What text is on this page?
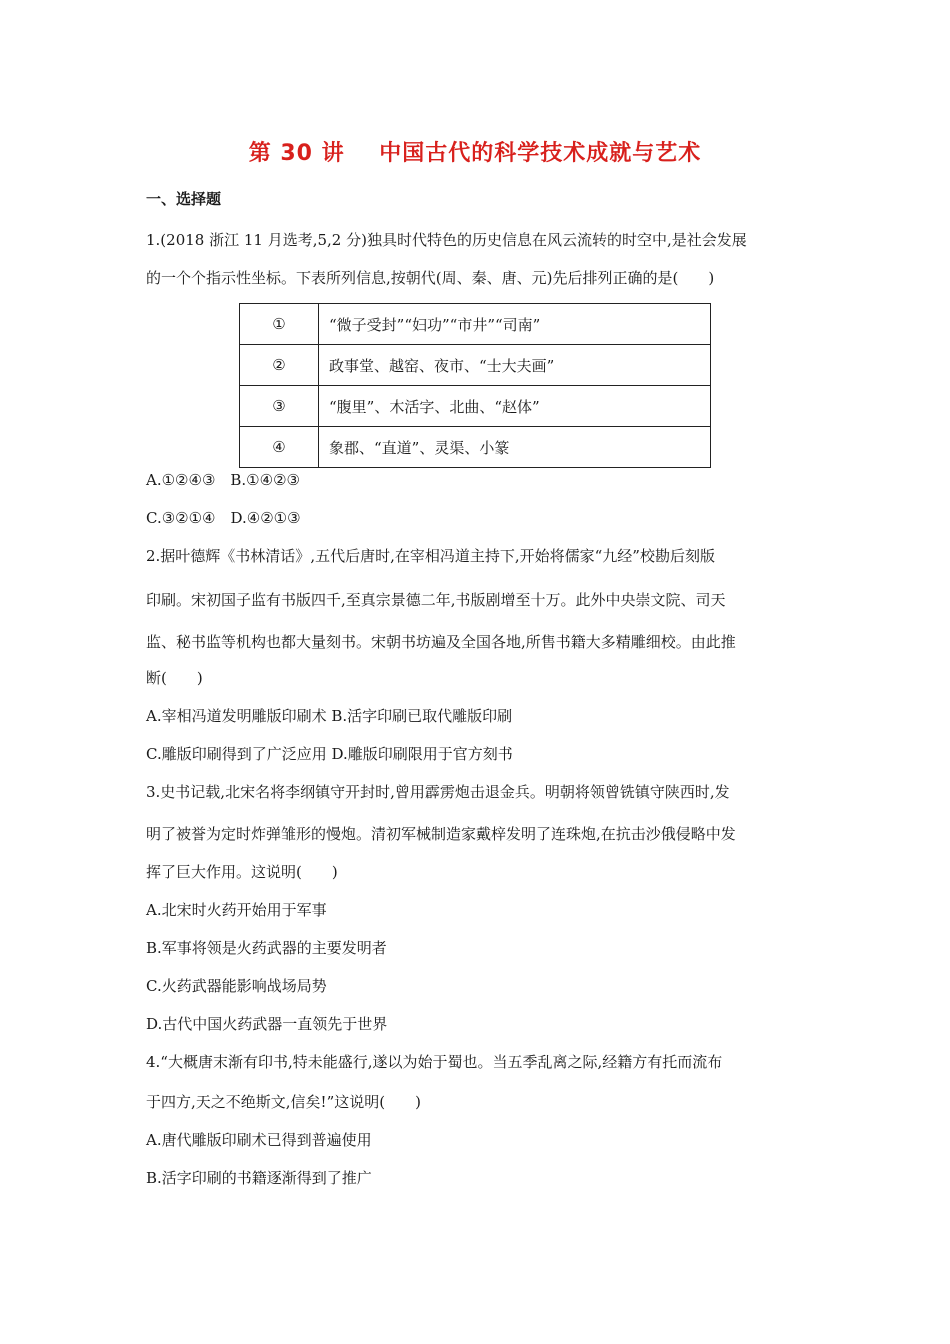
第 30 讲    中国古代的科学技术成就与艺术
一、选择题
1.(2018 浙江 11 月选考,5,2 分)独具时代特色的历史信息在风云流转的时空中,是社会发展
的一个个指示性坐标。下表所列信息,按朝代(周、秦、唐、元)先后排列正确的是(　　)
①	“微子受封”“妇功”“市井”“司南”
②	政事堂、越窑、夜市、“士大夫画”
③	“腹里”、木活字、北曲、“赵体”
④	象郡、“直道”、灵渠、小篆
A.①②④③　B.①④②③
C.③②①④　D.④②①③
2.据叶德辉《书林清话》,五代后唐时,在宰相冯道主持下,开始将儒家“九经”校勘后刻版
印刷。宋初国子监有书版四千,至真宗景德二年,书版剧增至十万。此外中央崇文院、司天
监、秘书监等机构也都大量刻书。宋朝书坊遍及全国各地,所售书籍大多精雕细校。由此推
断(　　)
A.宰相冯道发明雕版印刷术 B.活字印刷已取代雕版印刷
C.雕版印刷得到了广泛应用 D.雕版印刷限用于官方刻书
3.史书记载,北宋名将李纲镇守开封时,曾用霹雳炮击退金兵。明朝将领曾铣镇守陕西时,发
明了被誉为定时炸弹雏形的慢炮。清初军械制造家戴梓发明了连珠炮,在抗击沙俄侵略中发
挥了巨大作用。这说明(　　)
A.北宋时火药开始用于军事
B.军事将领是火药武器的主要发明者
C.火药武器能影响战场局势
D.古代中国火药武器一直领先于世界
4.“大概唐末渐有印书,特未能盛行,遂以为始于蜀也。当五季乱离之际,经籍方有托而流布
于四方,天之不绝斯文,信矣!”这说明(　　)
A.唐代雕版印刷术已得到普遍使用
B.活字印刷的书籍逐渐得到了推广
